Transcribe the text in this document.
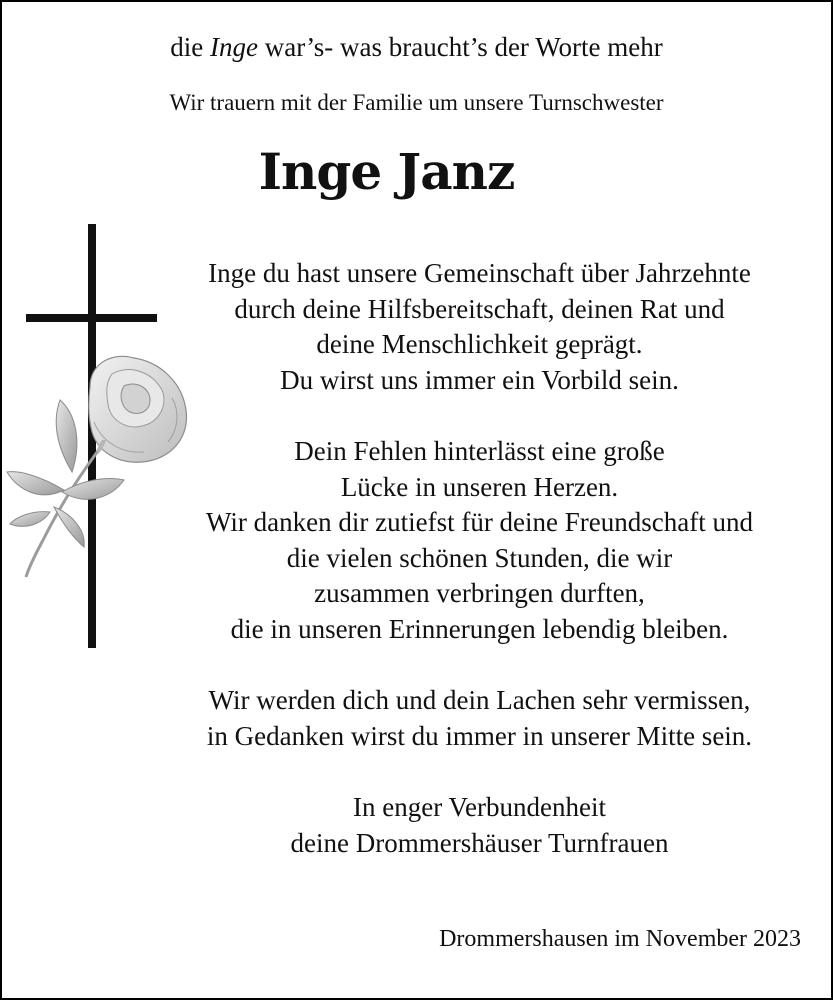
die Inge war’s- was braucht’s der Worte mehr
Wir trauern mit der Familie um unsere Turnschwester
Inge Janz
Inge du hast unsere Gemeinschaft über Jahrzehnte
durch deine Hilfsbereitschaft, deinen Rat und
deine Menschlichkeit geprägt.
Du wirst uns immer ein Vorbild sein.
Dein Fehlen hinterlässt eine große
Lücke in unseren Herzen.
Wir danken dir zutiefst für deine Freundschaft und
die vielen schönen Stunden, die wir
zusammen verbringen durften,
die in unseren Erinnerungen lebendig bleiben.
Wir werden dich und dein Lachen sehr vermissen,
in Gedanken wirst du immer in unserer Mitte sein.
In enger Verbundenheit
deine Drommershäuser Turnfrauen
Drommershausen im November 2023
